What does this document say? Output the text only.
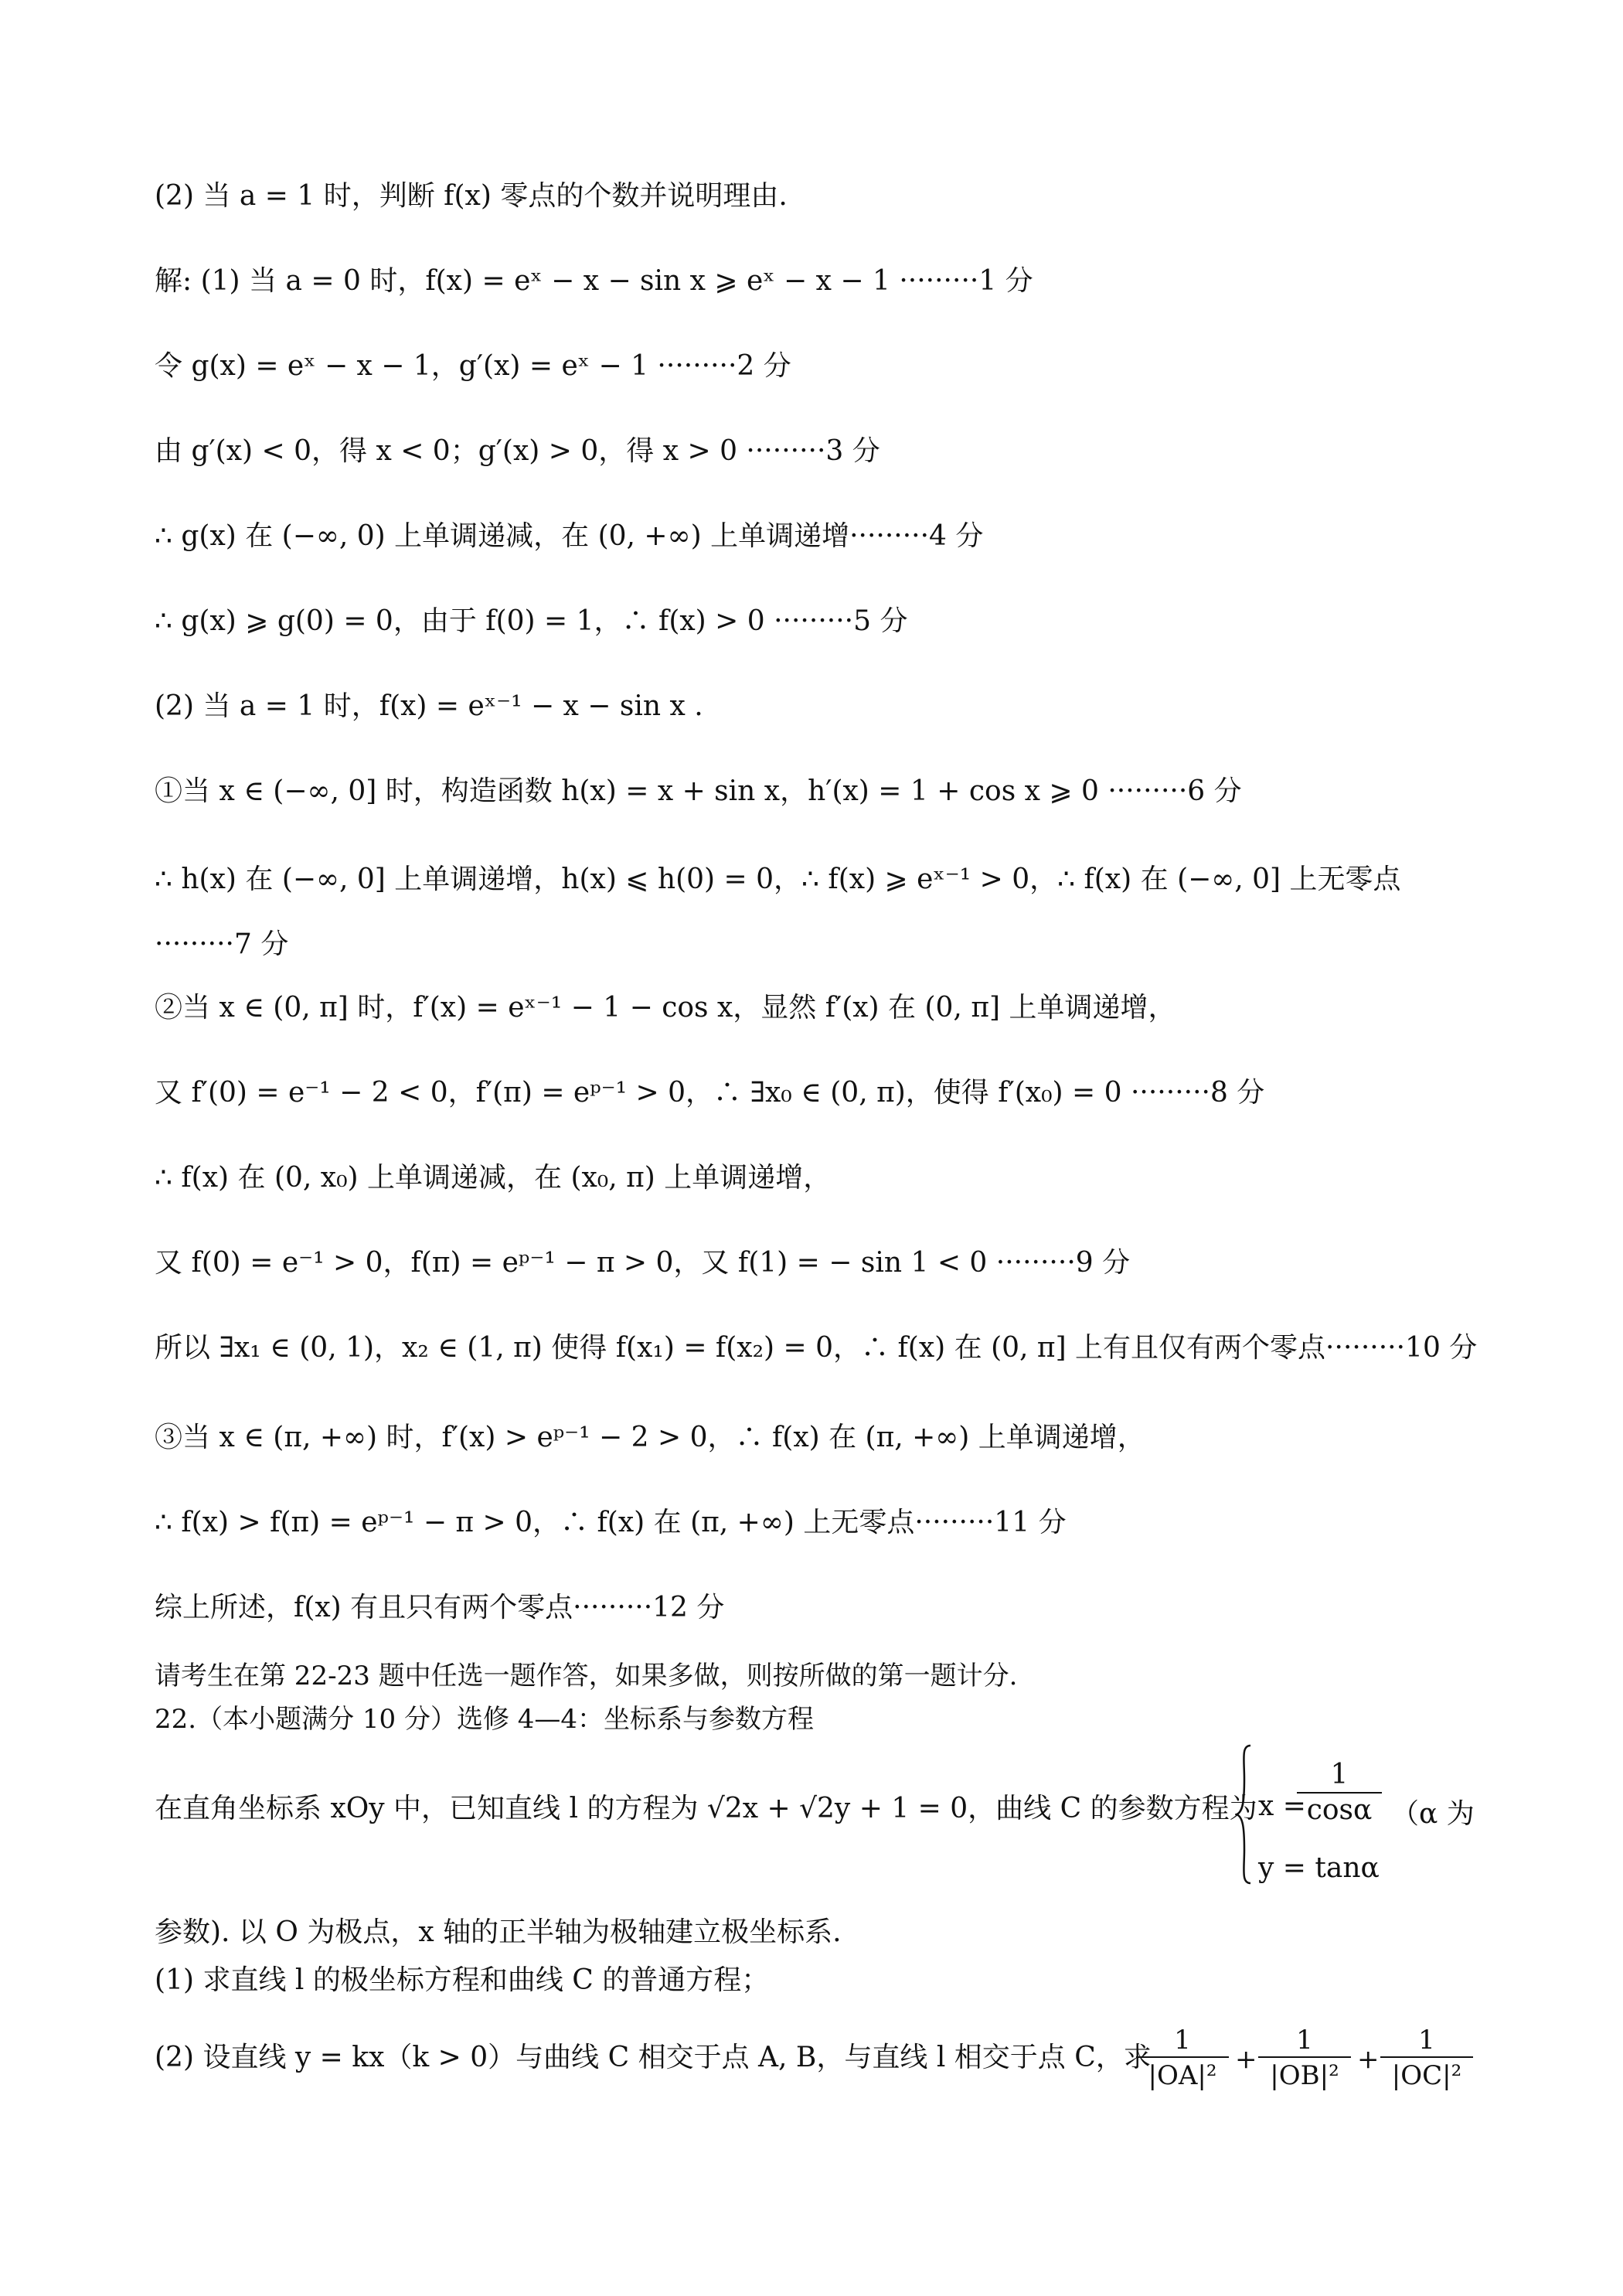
(2) 当 a = 1 时，判断 f(x) 零点的个数并说明理由.
解: (1) 当 a = 0 时，f(x) = eˣ − x − sin x ⩾ eˣ − x − 1 ·········1 分
令 g(x) = eˣ − x − 1，g′(x) = eˣ − 1 ·········2 分
由 g′(x) < 0，得 x < 0；g′(x) > 0，得 x > 0 ·········3 分
∴ g(x) 在 (−∞, 0) 上单调递减，在 (0, +∞) 上单调递增·········4 分
∴ g(x) ⩾ g(0) = 0，由于 f(0) = 1，∴ f(x) > 0 ·········5 分
(2) 当 a = 1 时，f(x) = eˣ⁻¹ − x − sin x .
①当 x ∈ (−∞, 0] 时，构造函数 h(x) = x + sin x，h′(x) = 1 + cos x ⩾ 0 ·········6 分
∴ h(x) 在 (−∞, 0] 上单调递增，h(x) ⩽ h(0) = 0，∴ f(x) ⩾ eˣ⁻¹ > 0，∴ f(x) 在 (−∞, 0] 上无零点
·········7 分
②当 x ∈ (0, π] 时，f′(x) = eˣ⁻¹ − 1 − cos x，显然 f′(x) 在 (0, π] 上单调递增，
又 f′(0) = e⁻¹ − 2 < 0，f′(π) = eᵖ⁻¹ > 0，∴ ∃x₀ ∈ (0, π)，使得 f′(x₀) = 0 ·········8 分
∴ f(x) 在 (0, x₀) 上单调递减，在 (x₀, π) 上单调递增，
又 f(0) = e⁻¹ > 0，f(π) = eᵖ⁻¹ − π > 0，又 f(1) = − sin 1 < 0 ·········9 分
所以 ∃x₁ ∈ (0, 1)，x₂ ∈ (1, π) 使得 f(x₁) = f(x₂) = 0，∴ f(x) 在 (0, π] 上有且仅有两个零点·········10 分
③当 x ∈ (π, +∞) 时，f′(x) > eᵖ⁻¹ − 2 > 0，∴ f(x) 在 (π, +∞) 上单调递增，
∴ f(x) > f(π) = eᵖ⁻¹ − π > 0，∴ f(x) 在 (π, +∞) 上无零点·········11 分
综上所述，f(x) 有且只有两个零点·········12 分
请考生在第 22-23 题中任选一题作答，如果多做，则按所做的第一题计分.
22.（本小题满分 10 分）选修 4—4：坐标系与参数方程
在直角坐标系 xOy 中，已知直线 l 的方程为 √2x + √2y + 1 = 0，曲线 C 的参数方程为 x =
1
cosα
y = tanα
（α 为
参数). 以 O 为极点，x 轴的正半轴为极轴建立极坐标系.
(1) 求直线 l 的极坐标方程和曲线 C 的普通方程；
(2) 设直线 y = kx（k > 0）与曲线 C 相交于点 A, B，与直线 l 相交于点 C，求
1
|OA|²
+
1
|OB|²
+
1
|OC|²
